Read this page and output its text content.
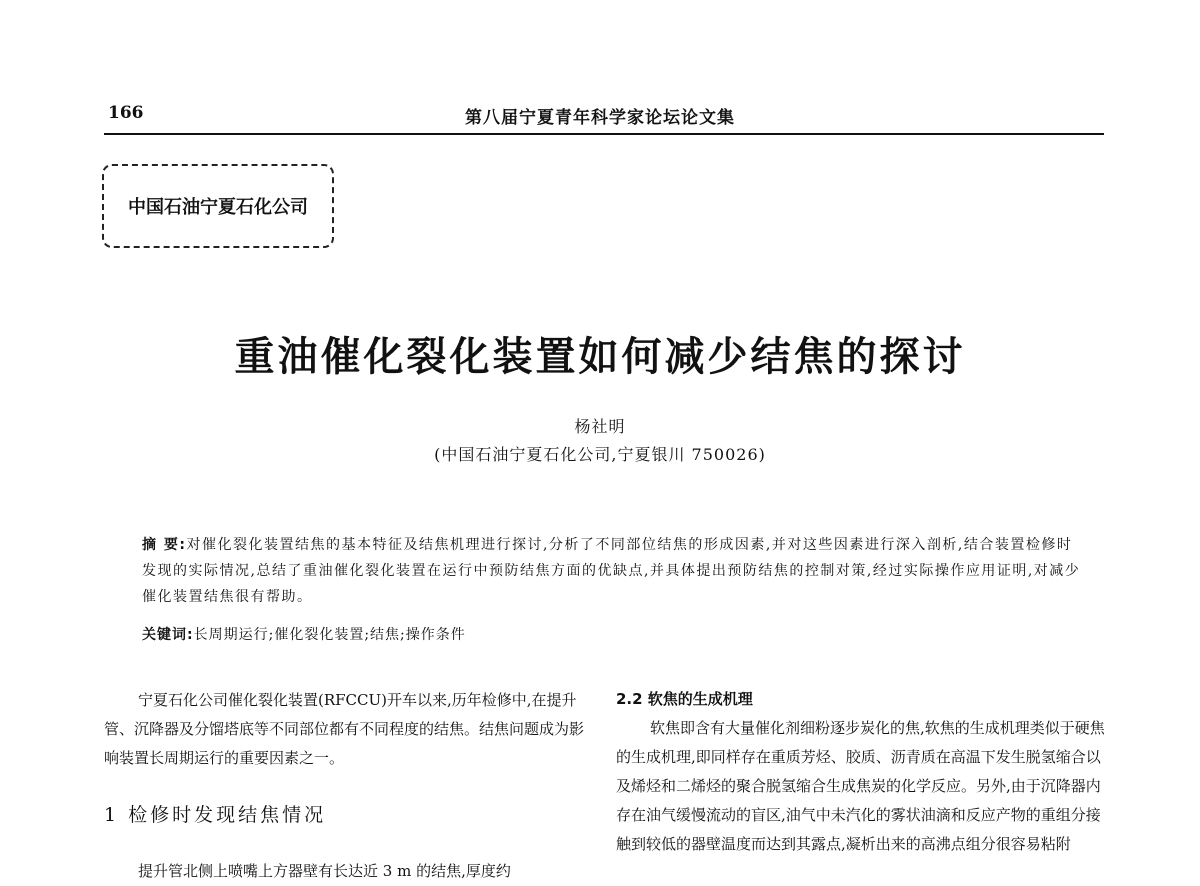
166	第八届宁夏青年科学家论坛论文集
中国石油宁夏石化公司
重油催化裂化装置如何减少结焦的探讨
杨社明
(中国石油宁夏石化公司,宁夏银川 750026)
摘 要:对催化裂化装置结焦的基本特征及结焦机理进行探讨,分析了不同部位结焦的形成因素,并对这些因素进行深入剖析,结合装置检修时发现的实际情况,总结了重油催化裂化装置在运行中预防结焦方面的优缺点,并具体提出预防结焦的控制对策,经过实际操作应用证明,对减少催化装置结焦很有帮助。
关键词:长周期运行;催化裂化装置;结焦;操作条件
宁夏石化公司催化裂化装置(RFCCU)开车以来,历年检修中,在提升管、沉降器及分馏塔底等不同部位都有不同程度的结焦。结焦问题成为影响装置长周期运行的重要因素之一。
1 检修时发现结焦情况
提升管北侧上喷嘴上方器壁有长达近 3 m 的结焦,厚度约
2.2 软焦的生成机理
软焦即含有大量催化剂细粉逐步炭化的焦,软焦的生成机理类似于硬焦的生成机理,即同样存在重质芳烃、胶质、沥青质在高温下发生脱氢缩合以及烯烃和二烯烃的聚合脱氢缩合生成焦炭的化学反应。另外,由于沉降器内存在油气缓慢流动的盲区,油气中未汽化的雾状油滴和反应产物的重组分接触到较低的器壁温度而达到其露点,凝析出来的高沸点组分很容易粘附
